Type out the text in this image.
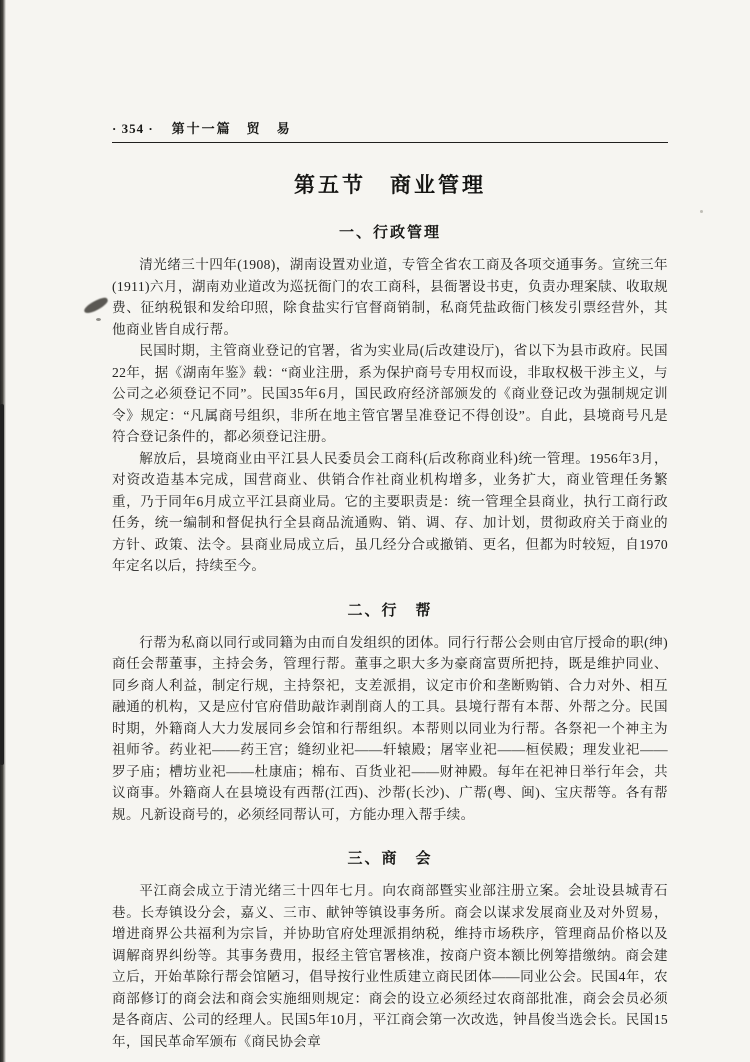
· 354 · 第十一篇　贸　易
第五节　商业管理
一、行政管理

清光绪三十四年(1908)，湖南设置劝业道，专管全省农工商及各项交通事务。宣统三年(1911)六月，湖南劝业道改为巡抚衙门的农工商科，县衙署设书吏，负责办理案牍、收取规费、征纳税银和发给印照，除食盐实行官督商销制，私商凭盐政衙门核发引票经营外，其他商业皆自成行帮。

民国时期，主管商业登记的官署，省为实业局(后改建设厅)，省以下为县市政府。民国22年，据《湖南年鉴》载：“商业注册，系为保护商号专用权而设，非取权极干涉主义，与公司之必须登记不同”。民国35年6月，国民政府经济部颁发的《商业登记改为强制规定训令》规定：“凡属商号组织，非所在地主管官署呈准登记不得创设”。自此，县境商号凡是符合登记条件的，都必须登记注册。

解放后，县境商业由平江县人民委员会工商科(后改称商业科)统一管理。1956年3月，对资改造基本完成，国营商业、供销合作社商业机构增多，业务扩大，商业管理任务繁重，乃于同年6月成立平江县商业局。它的主要职责是：统一管理全县商业，执行工商行政任务，统一编制和督促执行全县商品流通购、销、调、存、加计划，贯彻政府关于商业的方针、政策、法令。县商业局成立后，虽几经分合或撤销、更名，但都为时较短，自1970年定名以后，持续至今。

二、行　帮

行帮为私商以同行或同籍为由而自发组织的团体。同行行帮公会则由官厅授命的职(绅)商任会帮董事，主持会务，管理行帮。董事之职大多为豪商富贾所把持，既是维护同业、同乡商人利益，制定行规，主持祭祀，支差派捐，议定市价和垄断购销、合力对外、相互融通的机构，又是应付官府借助敲诈剥削商人的工具。县境行帮有本帮、外帮之分。民国时期，外籍商人大力发展同乡会馆和行帮组织。本帮则以同业为行帮。各祭祀一个神主为祖师爷。药业祀——药王宫；缝纫业祀——轩辕殿；屠宰业祀——桓侯殿；理发业祀——罗子庙；槽坊业祀——杜康庙；棉布、百货业祀——财神殿。每年在祀神日举行年会，共议商事。外籍商人在县境设有西帮(江西)、沙帮(长沙)、广帮(粤、闽)、宝庆帮等。各有帮规。凡新设商号的，必须经同帮认可，方能办理入帮手续。

三、商　会

平江商会成立于清光绪三十四年七月。向农商部暨实业部注册立案。会址设县城青石巷。长寿镇设分会，嘉义、三市、献钟等镇设事务所。商会以谋求发展商业及对外贸易，增进商界公共福利为宗旨，并协助官府处理派捐纳税，维持市场秩序，管理商品价格以及调解商界纠纷等。其事务费用，报经主管官署核准，按商户资本额比例筹措缴纳。商会建立后，开始革除行帮会馆陋习，倡导按行业性质建立商民团体——同业公会。民国4年，农商部修订的商会法和商会实施细则规定：商会的设立必须经过农商部批准，商会会员必须是各商店、公司的经理人。民国5年10月，平江商会第一次改选，钟昌俊当选会长。民国15年，国民革命军颁布《商民协会章
